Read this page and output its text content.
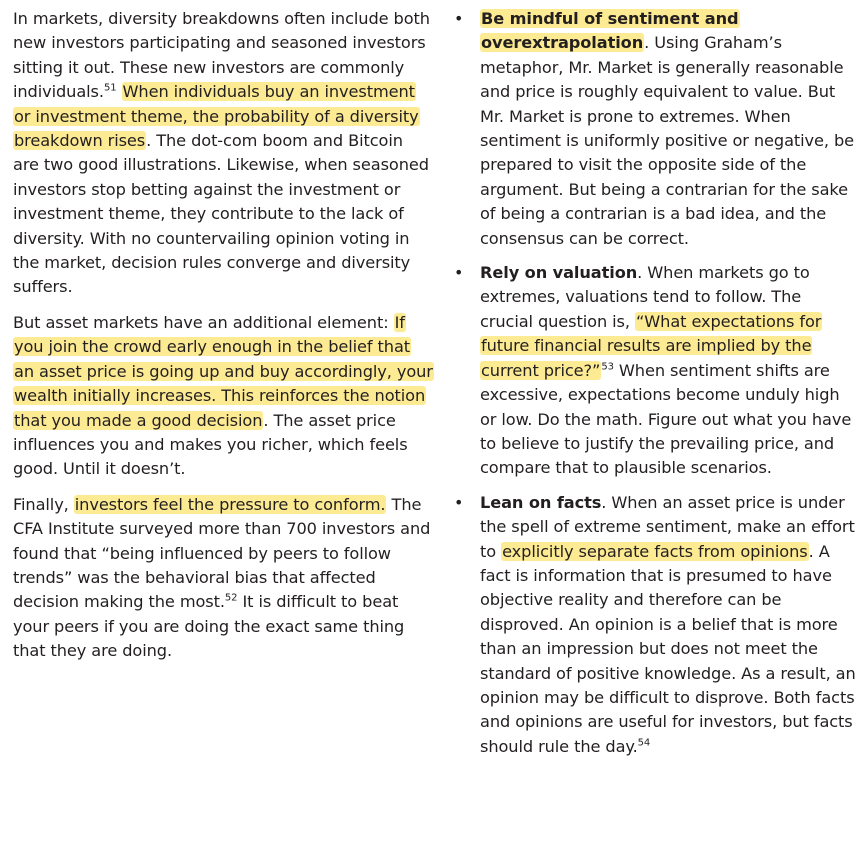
In markets, diversity breakdowns often include both new investors participating and seasoned investors sitting it out. These new investors are commonly individuals.$^{51}$ When individuals buy an investment or investment theme, the probability of a diversity breakdown rises. The dot-com boom and Bitcoin are two good illustrations. Likewise, when seasoned investors stop betting against the investment or investment theme, they contribute to the lack of diversity. With no countervailing opinion voting in the market, decision rules converge and diversity suffers.

But asset markets have an additional element: If you join the crowd early enough in the belief that an asset price is going up and buy accordingly, your wealth initially increases. This reinforces the notion that you made a good decision. The asset price influences you and makes you richer, which feels good. Until it doesn’t.

Finally, investors feel the pressure to conform. The CFA Institute surveyed more than 700 investors and found that “being influenced by peers to follow trends” was the behavioral bias that affected decision making the most.$^{52}$ It is difficult to beat your peers if you are doing the exact same thing that they are doing.

• Be mindful of sentiment and overextrapolation. Using Graham’s metaphor, Mr. Market is generally reasonable and price is roughly equivalent to value. But Mr. Market is prone to extremes. When sentiment is uniformly positive or negative, be prepared to visit the opposite side of the argument. But being a contrarian for the sake of being a contrarian is a bad idea, and the consensus can be correct.

• Rely on valuation. When markets go to extremes, valuations tend to follow. The crucial question is, “What expectations for future financial results are implied by the current price?”$^{53}$ When sentiment shifts are excessive, expectations become unduly high or low. Do the math. Figure out what you have to believe to justify the prevailing price, and compare that to plausible scenarios.

• Lean on facts. When an asset price is under the spell of extreme sentiment, make an effort to explicitly separate facts from opinions. A fact is information that is presumed to have objective reality and therefore can be disproved. An opinion is a belief that is more than an impression but does not meet the standard of positive knowledge. As a result, an opinion may be difficult to disprove. Both facts and opinions are useful for investors, but facts should rule the day.$^{54}$
